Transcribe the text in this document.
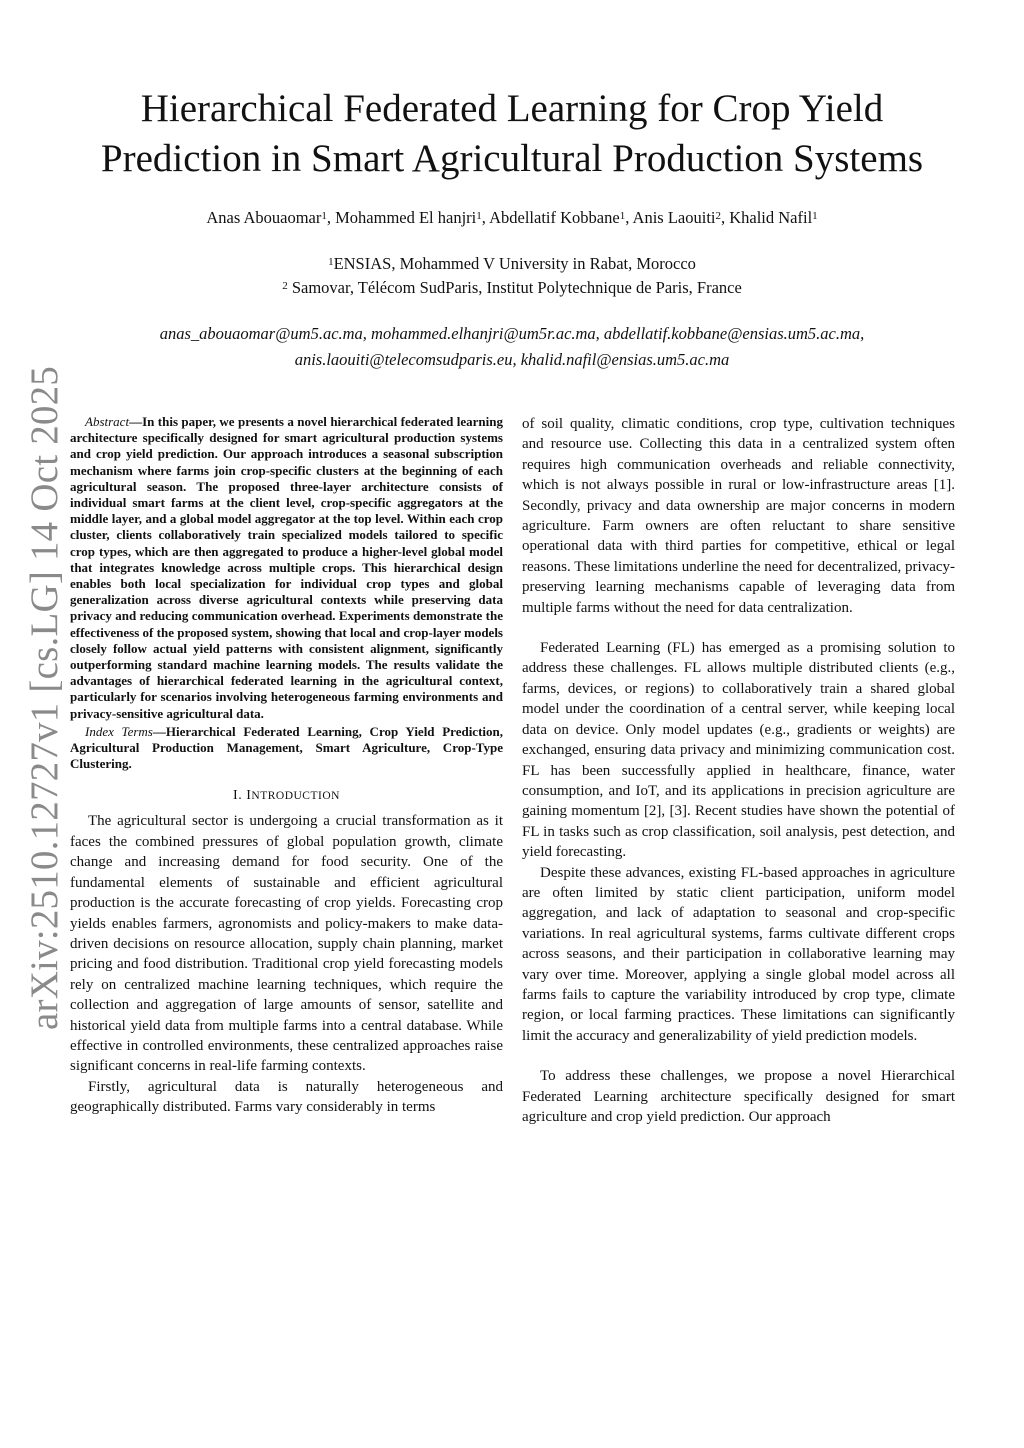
arXiv:2510.12727v1 [cs.LG] 14 Oct 2025
Hierarchical Federated Learning for Crop Yield
Prediction in Smart Agricultural Production Systems
Anas Abouaomar$^1$, Mohammed El hanjri$^1$, Abdellatif Kobbane$^1$, Anis Laouiti$^2$, Khalid Nafil$^1$
$^1$ENSIAS, Mohammed V University in Rabat, Morocco
$^2$ Samovar, Télécom SudParis, Institut Polytechnique de Paris, France
anas_abouaomar@um5.ac.ma, mohammed.elhanjri@um5r.ac.ma, abdellatif.kobbane@ensias.um5.ac.ma,
anis.laouiti@telecomsudparis.eu, khalid.nafil@ensias.um5.ac.ma

Abstract—In this paper, we presents a novel hierarchical federated learning architecture specifically designed for smart agricultural production systems and crop yield prediction. Our approach introduces a seasonal subscription mechanism where farms join crop-specific clusters at the beginning of each agricultural season. The proposed three-layer architecture consists of individual smart farms at the client level, crop-specific aggregators at the middle layer, and a global model aggregator at the top level. Within each crop cluster, clients collaboratively train specialized models tailored to specific crop types, which are then aggregated to produce a higher-level global model that integrates knowledge across multiple crops. This hierarchical design enables both local specialization for individual crop types and global generalization across diverse agricultural contexts while preserving data privacy and reducing communication overhead. Experiments demonstrate the effectiveness of the proposed system, showing that local and crop-layer models closely follow actual yield patterns with consistent alignment, significantly outperforming standard machine learning models. The results validate the advantages of hierarchical federated learning in the agricultural context, particularly for scenarios involving heterogeneous farming environments and privacy-sensitive agricultural data.

Index Terms—Hierarchical Federated Learning, Crop Yield Prediction, Agricultural Production Management, Smart Agriculture, Crop-Type Clustering.

I. INTRODUCTION

The agricultural sector is undergoing a crucial transformation as it faces the combined pressures of global population growth, climate change and increasing demand for food security. One of the fundamental elements of sustainable and efficient agricultural production is the accurate forecasting of crop yields. Forecasting crop yields enables farmers, agronomists and policy-makers to make data-driven decisions on resource allocation, supply chain planning, market pricing and food distribution. Traditional crop yield forecasting models rely on centralized machine learning techniques, which require the collection and aggregation of large amounts of sensor, satellite and historical yield data from multiple farms into a central database. While effective in controlled environments, these centralized approaches raise significant concerns in real-life farming contexts.

Firstly, agricultural data is naturally heterogeneous and geographically distributed. Farms vary considerably in terms

of soil quality, climatic conditions, crop type, cultivation techniques and resource use. Collecting this data in a centralized system often requires high communication overheads and reliable connectivity, which is not always possible in rural or low-infrastructure areas [1]. Secondly, privacy and data ownership are major concerns in modern agriculture. Farm owners are often reluctant to share sensitive operational data with third parties for competitive, ethical or legal reasons. These limitations underline the need for decentralized, privacy-preserving learning mechanisms capable of leveraging data from multiple farms without the need for data centralization.

Federated Learning (FL) has emerged as a promising solution to address these challenges. FL allows multiple distributed clients (e.g., farms, devices, or regions) to collaboratively train a shared global model under the coordination of a central server, while keeping local data on device. Only model updates (e.g., gradients or weights) are exchanged, ensuring data privacy and minimizing communication cost. FL has been successfully applied in healthcare, finance, water consumption, and IoT, and its applications in precision agriculture are gaining momentum [2], [3]. Recent studies have shown the potential of FL in tasks such as crop classification, soil analysis, pest detection, and yield forecasting.

Despite these advances, existing FL-based approaches in agriculture are often limited by static client participation, uniform model aggregation, and lack of adaptation to seasonal and crop-specific variations. In real agricultural systems, farms cultivate different crops across seasons, and their participation in collaborative learning may vary over time. Moreover, applying a single global model across all farms fails to capture the variability introduced by crop type, climate region, or local farming practices. These limitations can significantly limit the accuracy and generalizability of yield prediction models.

To address these challenges, we propose a novel Hierarchical Federated Learning architecture specifically designed for smart agriculture and crop yield prediction. Our approach
